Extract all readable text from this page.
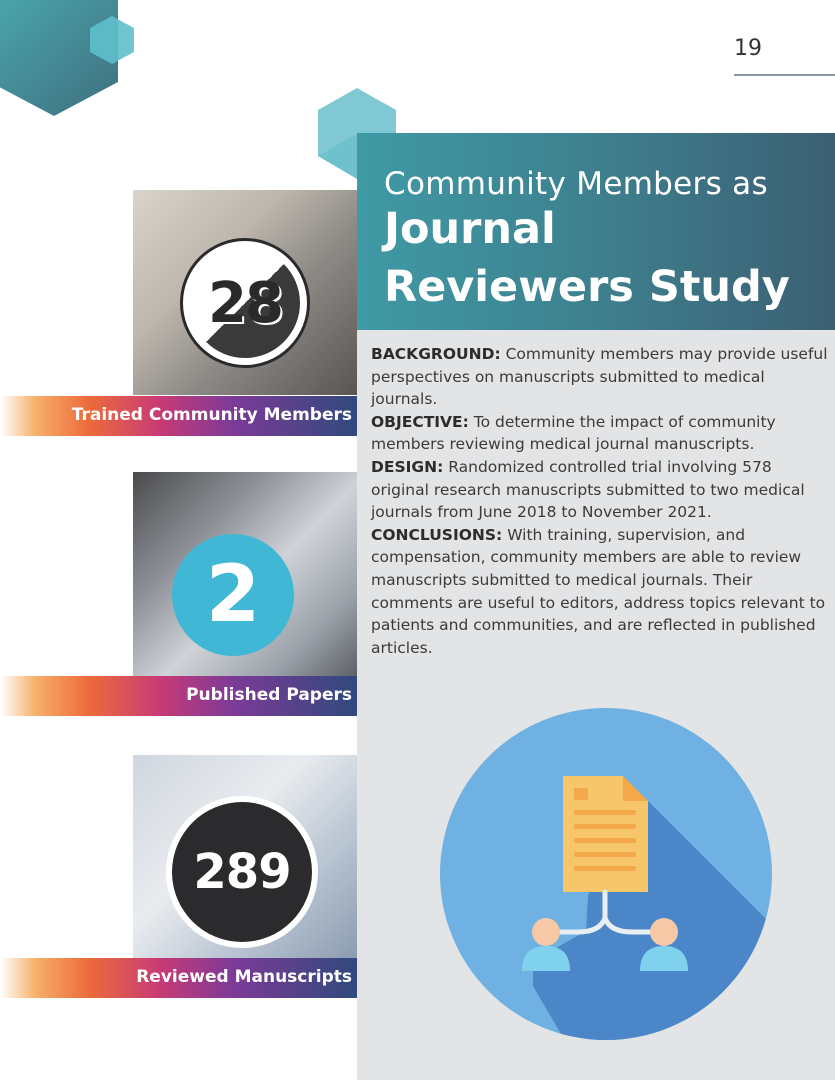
19
Community Members as
Journal
Reviewers Study

BACKGROUND: Community members may provide useful perspectives on manuscripts submitted to medical journals.

OBJECTIVE: To determine the impact of community members reviewing medical journal manuscripts.

DESIGN: Randomized controlled trial involving 578 original research manuscripts submitted to two medical journals from June 2018 to November 2021.

CONCLUSIONS: With training, supervision, and compensation, community members are able to review manuscripts submitted to medical journals. Their comments are useful to editors, address topics relevant to patients and communities, and are reflected in published articles.

28
Trained Community Members
2
Published Papers
289
Reviewed Manuscripts
